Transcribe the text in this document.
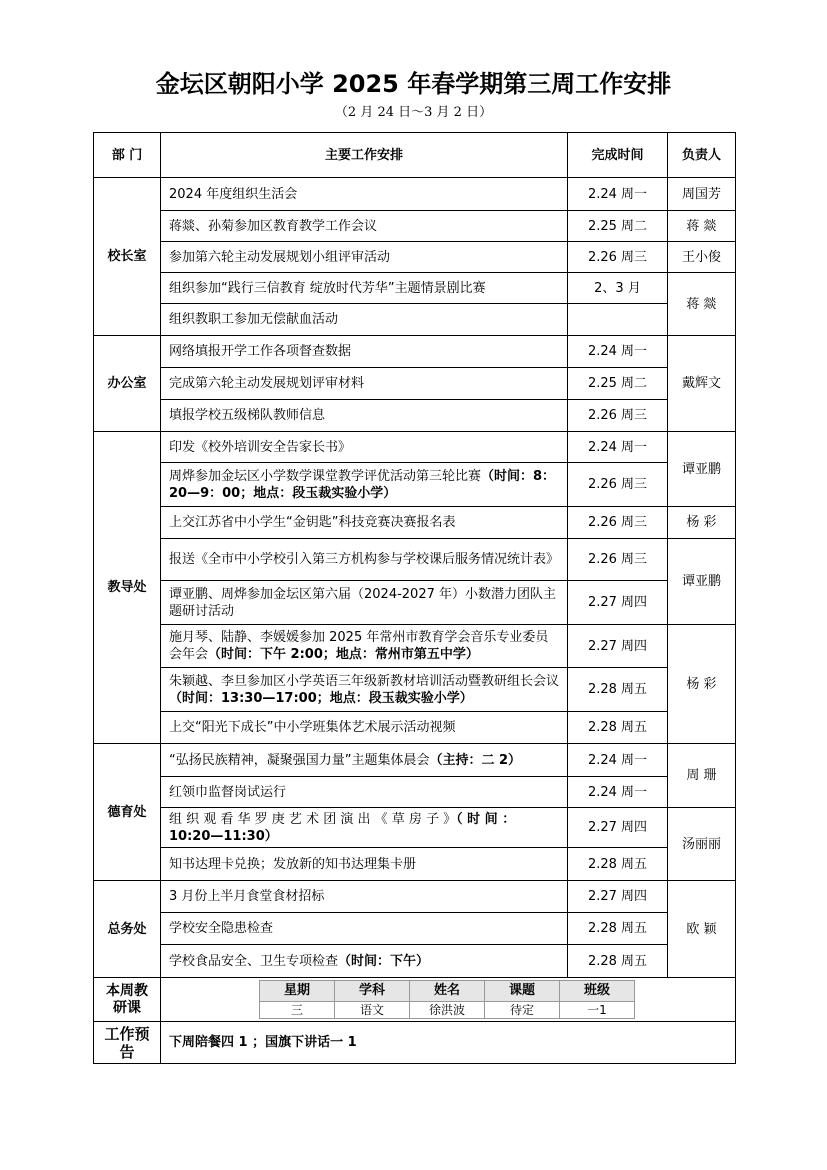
金坛区朝阳小学 2025 年春学期第三周工作安排
（2 月 24 日～3 月 2 日）
部 门	主要工作安排	完成时间	负责人
校长室	2024 年度组织生活会	2.24 周一	周国芳
蒋燚、孙菊参加区教育教学工作会议	2.25 周二	蒋 燚
参加第六轮主动发展规划小组评审活动	2.26 周三	王小俊
组织参加“践行三信教育 绽放时代芳华”主题情景剧比赛	2、3 月	蒋 燚
组织教职工参加无偿献血活动	
办公室	网络填报开学工作各项督查数据	2.24 周一	戴辉文
完成第六轮主动发展规划评审材料	2.25 周二
填报学校五级梯队教师信息	2.26 周三
教导处	印发《校外培训安全告家长书》	2.24 周一	谭亚鹏
周烨参加金坛区小学数学课堂教学评优活动第三轮比赛（时间：8：20—9：00；地点：段玉裁实验小学）	2.26 周三
上交江苏省中小学生“金钥匙”科技竞赛决赛报名表	2.26 周三	杨 彩
报送《全市中小学校引入第三方机构参与学校课后服务情况统计表》	2.26 周三	谭亚鹏
谭亚鹏、周烨参加金坛区第六届（2024-2027 年）小数潜力团队主题研讨活动	2.27 周四
施月琴、陆静、李媛媛参加 2025 年常州市教育学会音乐专业委员会年会（时间：下午 2:00；地点：常州市第五中学）	2.27 周四	杨 彩
朱颖越、李旦参加区小学英语三年级新教材培训活动暨教研组长会议（时间：13:30—17:00；地点：段玉裁实验小学）	2.28 周五
上交“阳光下成长”中小学班集体艺术展示活动视频	2.28 周五
德育处	“弘扬民族精神，凝聚强国力量”主题集体晨会（主持：二 2）	2.24 周一	周 珊
红领巾监督岗试运行	2.24 周一
组 织 观 看 华 罗 庚 艺 术 团 演 出 《 草 房 子 》（ 时 间 ： 10:20—11:30）	2.27 周四	汤丽丽
知书达理卡兑换；发放新的知书达理集卡册	2.28 周五
总务处	3 月份上半月食堂食材招标	2.27 周四	欧 颖
学校安全隐患检查	2.28 周五
学校食品安全、卫生专项检查（时间：下午）	2.28 周五
本周教研课	
星期	学科	姓名	课题	班级
三	语文	徐洪波	待定	一1

工作预告	下周陪餐四 1 ；国旗下讲话一 1
